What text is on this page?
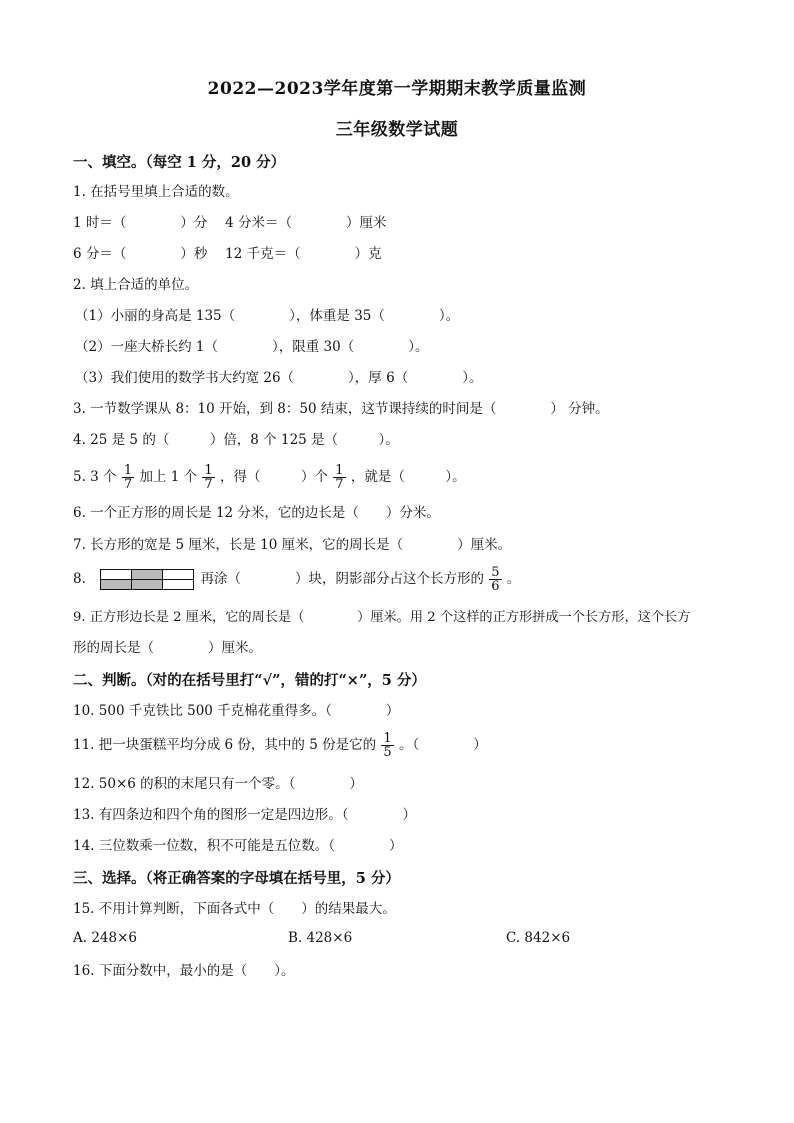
2022—2023学年度第一学期期末教学质量监测
三年级数学试题
一、填空。（每空 1 分，20 分）
1. 在括号里填上合适的数。
1 时＝（　　　　）分　 4 分米＝（　　　　）厘米
6 分＝（　　　　）秒　 12 千克＝（　　　　）克
2. 填上合适的单位。
（1）小丽的身高是 135（　　　　），体重是 35（　　　　）。
（2）一座大桥长约 1（　　　　），限重 30（　　　　）。
（3）我们使用的数学书大约宽 26（　　　　），厚 6（　　　　）。
3. 一节数学课从 8：10 开始，到 8：50 结束，这节课持续的时间是（　　　　） 分钟。
4. 25 是 5 的（　　　）倍，8 个 125 是（　　　）。
5. 3 个 $\frac{1}{7}$ 加上 1 个 $\frac{1}{7}$ ，得（　　　）个 $\frac{1}{7}$ ，就是（　　　）。
6. 一个正方形的周长是 12 分米，它的边长是（　　）分米。
7. 长方形的宽是 5 厘米，长是 10 厘米，它的周长是（　　　　）厘米。
8.

			再涂（　　　　）块，阴影部分占这个长方形的 $\frac{5}{6}$ 。
9. 正方形边长是 2 厘米，它的周长是（　　　　）厘米。用 2 个这样的正方形拼成一个长方形，这个长方
形的周长是（　　　　）厘米。
二、判断。（对的在括号里打“√”，错的打“×”，5 分）
10. 500 千克铁比 500 千克棉花重得多。（　　　　）
11. 把一块蛋糕平均分成 6 份，其中的 5 份是它的 $\frac{1}{5}$ 。（　　　　）
12. 50×6 的积的末尾只有一个零。（　　　　）
13. 有四条边和四个角的图形一定是四边形。（　　　　）
14. 三位数乘一位数，积不可能是五位数。（　　　　）
三、选择。（将正确答案的字母填在括号里，5 分）
15. 不用计算判断，下面各式中（　　）的结果最大。
A. 248×6	B. 428×6	C. 842×6
16. 下面分数中，最小的是（　　）。
